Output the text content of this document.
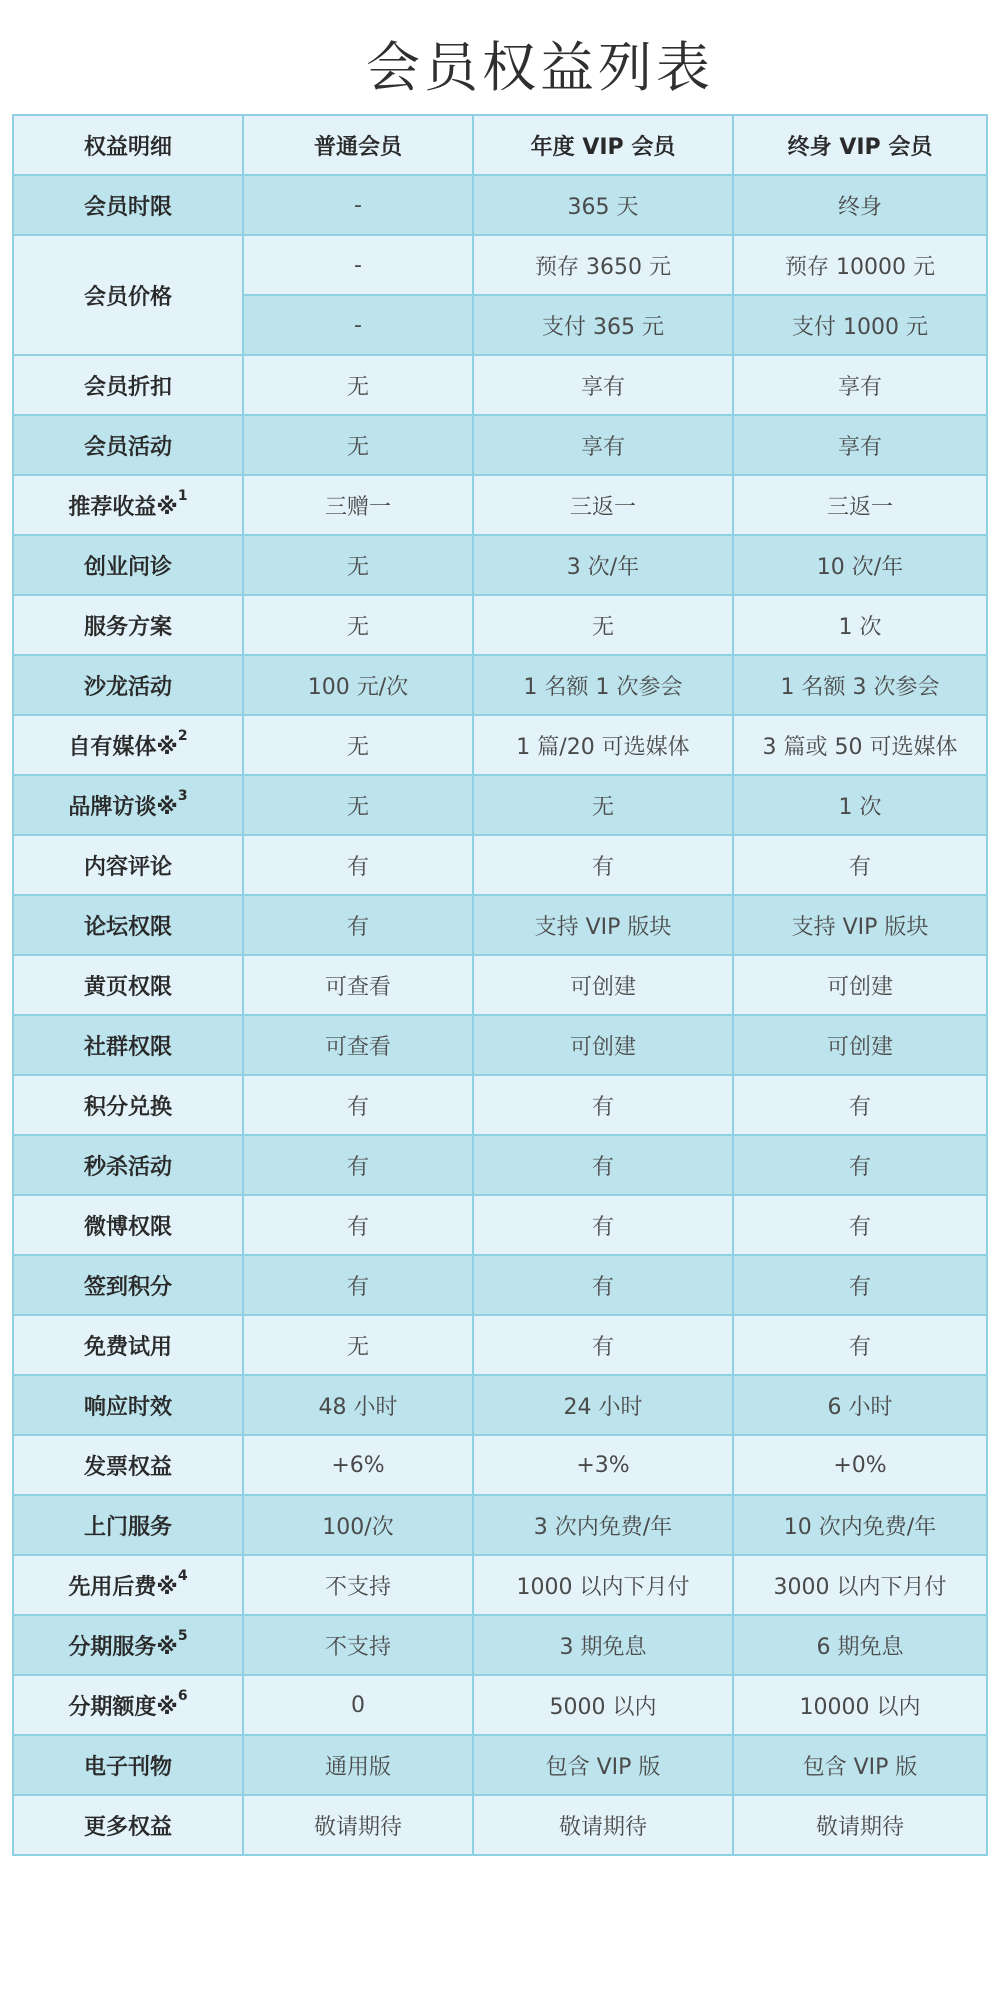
会员权益列表
权益明细	普通会员	年度 VIP 会员	终身 VIP 会员
会员时限	-	365 天	终身
会员价格	-	预存 3650 元	预存 10000 元
	-	支付 365 元	支付 1000 元
会员折扣	无	享有	享有
会员活动	无	享有	享有
推荐收益※$^1$	三赠一	三返一	三返一
创业问诊	无	3 次/年	10 次/年
服务方案	无	无	1 次
沙龙活动	100 元/次	1 名额 1 次参会	1 名额 3 次参会
自有媒体※$^2$	无	1 篇/20 可选媒体	3 篇或 50 可选媒体
品牌访谈※$^3$	无	无	1 次
内容评论	有	有	有
论坛权限	有	支持 VIP 版块	支持 VIP 版块
黄页权限	可查看	可创建	可创建
社群权限	可查看	可创建	可创建
积分兑换	有	有	有
秒杀活动	有	有	有
微博权限	有	有	有
签到积分	有	有	有
免费试用	无	有	有
响应时效	48 小时	24 小时	6 小时
发票权益	+6%	+3%	+0%
上门服务	100/次	3 次内免费/年	10 次内免费/年
先用后费※$^4$	不支持	1000 以内下月付	3000 以内下月付
分期服务※$^5$	不支持	3 期免息	6 期免息
分期额度※$^6$	0	5000 以内	10000 以内
电子刊物	通用版	包含 VIP 版	包含 VIP 版
更多权益	敬请期待	敬请期待	敬请期待
